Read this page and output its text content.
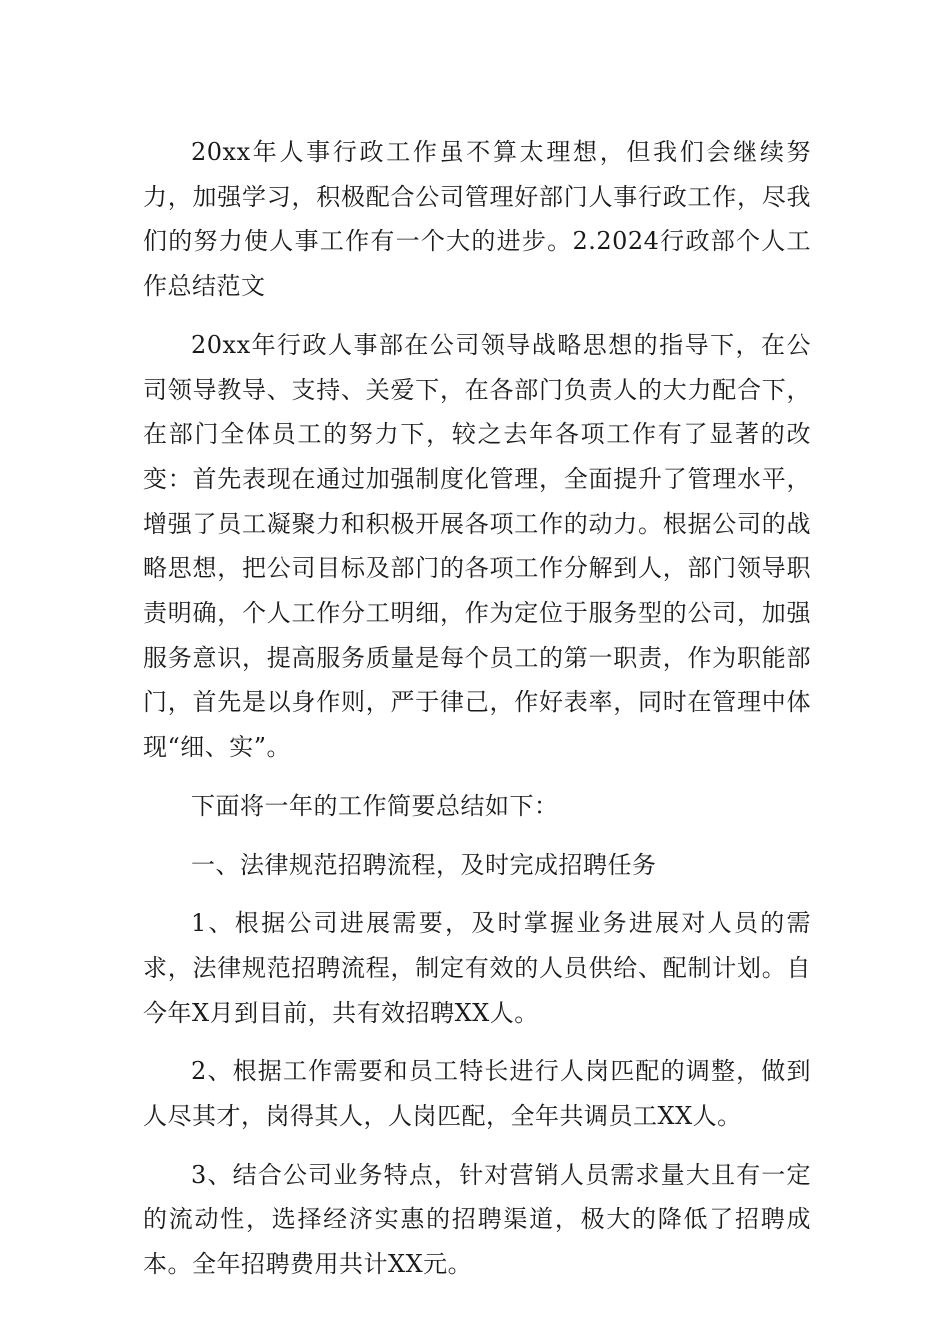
20xx年人事行政工作虽不算太理想，但我们会继续努力，加强学习，积极配合公司管理好部门人事行政工作，尽我们的努力使人事工作有一个大的进步。2.2024行政部个人工作总结范文

20xx年行政人事部在公司领导战略思想的指导下，在公司领导教导、支持、关爱下，在各部门负责人的大力配合下，在部门全体员工的努力下，较之去年各项工作有了显著的改变：首先表现在通过加强制度化管理，全面提升了管理水平，增强了员工凝聚力和积极开展各项工作的动力。根据公司的战略思想，把公司目标及部门的各项工作分解到人，部门领导职责明确，个人工作分工明细，作为定位于服务型的公司，加强服务意识，提高服务质量是每个员工的第一职责，作为职能部门，首先是以身作则，严于律己，作好表率，同时在管理中体现“细、实”。

下面将一年的工作简要总结如下：

一、法律规范招聘流程，及时完成招聘任务

1、根据公司进展需要，及时掌握业务进展对人员的需求，法律规范招聘流程，制定有效的人员供给、配制计划。自今年X月到目前，共有效招聘XX人。

2、根据工作需要和员工特长进行人岗匹配的调整，做到人尽其才，岗得其人，人岗匹配，全年共调员工XX人。

3、结合公司业务特点，针对营销人员需求量大且有一定的流动性，选择经济实惠的招聘渠道，极大的降低了招聘成本。全年招聘费用共计XX元。
